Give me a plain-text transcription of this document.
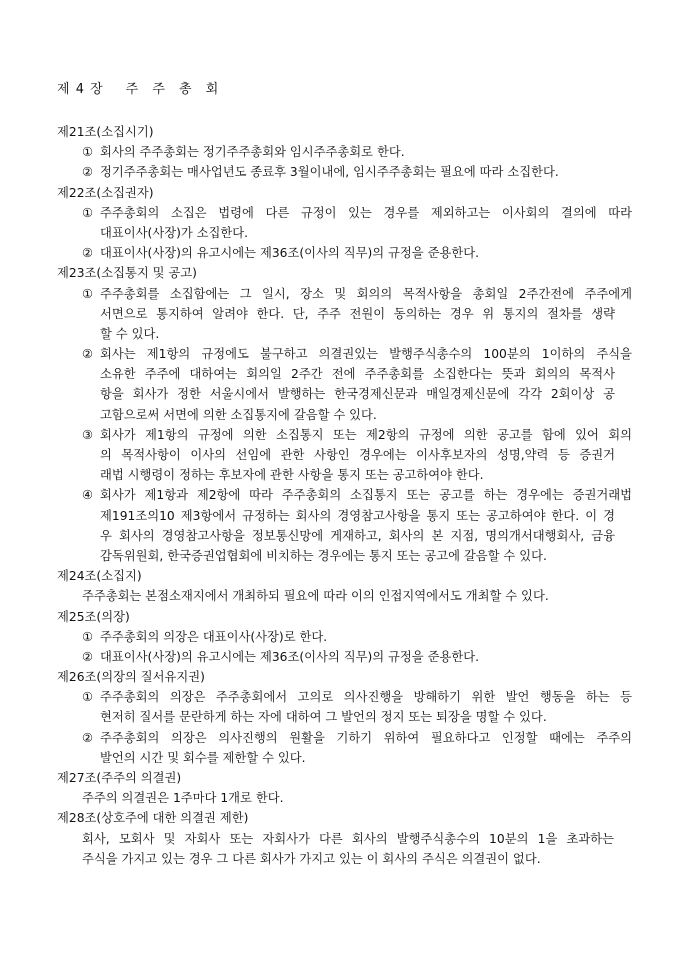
제 4 장 주 주 총 회
제21조(소집시기)
① 회사의 주주총회는 정기주주총회와 임시주주총회로 한다.
② 정기주주총회는 매사업년도 종료후 3월이내에, 임시주주총회는 필요에 따라 소집한다.
제22조(소집권자)
① 주주총회의 소집은 법령에 다른 규정이 있는 경우를 제외하고는 이사회의 결의에 따라
대표이사(사장)가 소집한다.
② 대표이사(사장)의 유고시에는 제36조(이사의 직무)의 규정을 준용한다.
제23조(소집통지 및 공고)
① 주주총회를 소집함에는 그 일시, 장소 및 회의의 목적사항을 총회일 2주간전에 주주에게
서면으로 통지하여 알려야 한다. 단, 주주 전원이 동의하는 경우 위 통지의 절차를 생략
할 수 있다.
② 회사는 제1항의 규정에도 불구하고 의결권있는 발행주식총수의 100분의 1이하의 주식을
소유한 주주에 대하여는 회의일 2주간 전에 주주총회를 소집한다는 뜻과 회의의 목적사
항을 회사가 정한 서울시에서 발행하는 한국경제신문과 매일경제신문에 각각 2회이상 공
고함으로써 서면에 의한 소집통지에 갈음할 수 있다.
③ 회사가 제1항의 규정에 의한 소집통지 또는 제2항의 규정에 의한 공고를 함에 있어 회의
의 목적사항이 이사의 선임에 관한 사항인 경우에는 이사후보자의 성명,약력 등 증권거
래법 시행령이 정하는 후보자에 관한 사항을 통지 또는 공고하여야 한다.
④ 회사가 제1항과 제2항에 따라 주주총회의 소집통지 또는 공고를 하는 경우에는 증권거래법
제191조의10 제3항에서 규정하는 회사의 경영참고사항을 통지 또는 공고하여야 한다. 이 경
우 회사의 경영참고사항을 정보통신망에 게재하고, 회사의 본 지점, 명의개서대행회사, 금융
감독위원회, 한국증권업협회에 비치하는 경우에는 통지 또는 공고에 갈음할 수 있다.
제24조(소집지)
주주총회는 본점소재지에서 개최하되 필요에 따라 이의 인접지역에서도 개최할 수 있다.
제25조(의장)
① 주주총회의 의장은 대표이사(사장)로 한다.
② 대표이사(사장)의 유고시에는 제36조(이사의 직무)의 규정을 준용한다.
제26조(의장의 질서유지권)
① 주주총회의 의장은 주주총회에서 고의로 의사진행을 방해하기 위한 발언 행동을 하는 등
현저히 질서를 문란하게 하는 자에 대하여 그 발언의 정지 또는 퇴장을 명할 수 있다.
② 주주총회의 의장은 의사진행의 원활을 기하기 위하여 필요하다고 인정할 때에는 주주의
발언의 시간 및 회수를 제한할 수 있다.
제27조(주주의 의결권)
주주의 의결권은 1주마다 1개로 한다.
제28조(상호주에 대한 의결권 제한)
회사, 모회사 및 자회사 또는 자회사가 다른 회사의 발행주식총수의 10분의 1을 초과하는
주식을 가지고 있는 경우 그 다른 회사가 가지고 있는 이 회사의 주식은 의결권이 없다.
